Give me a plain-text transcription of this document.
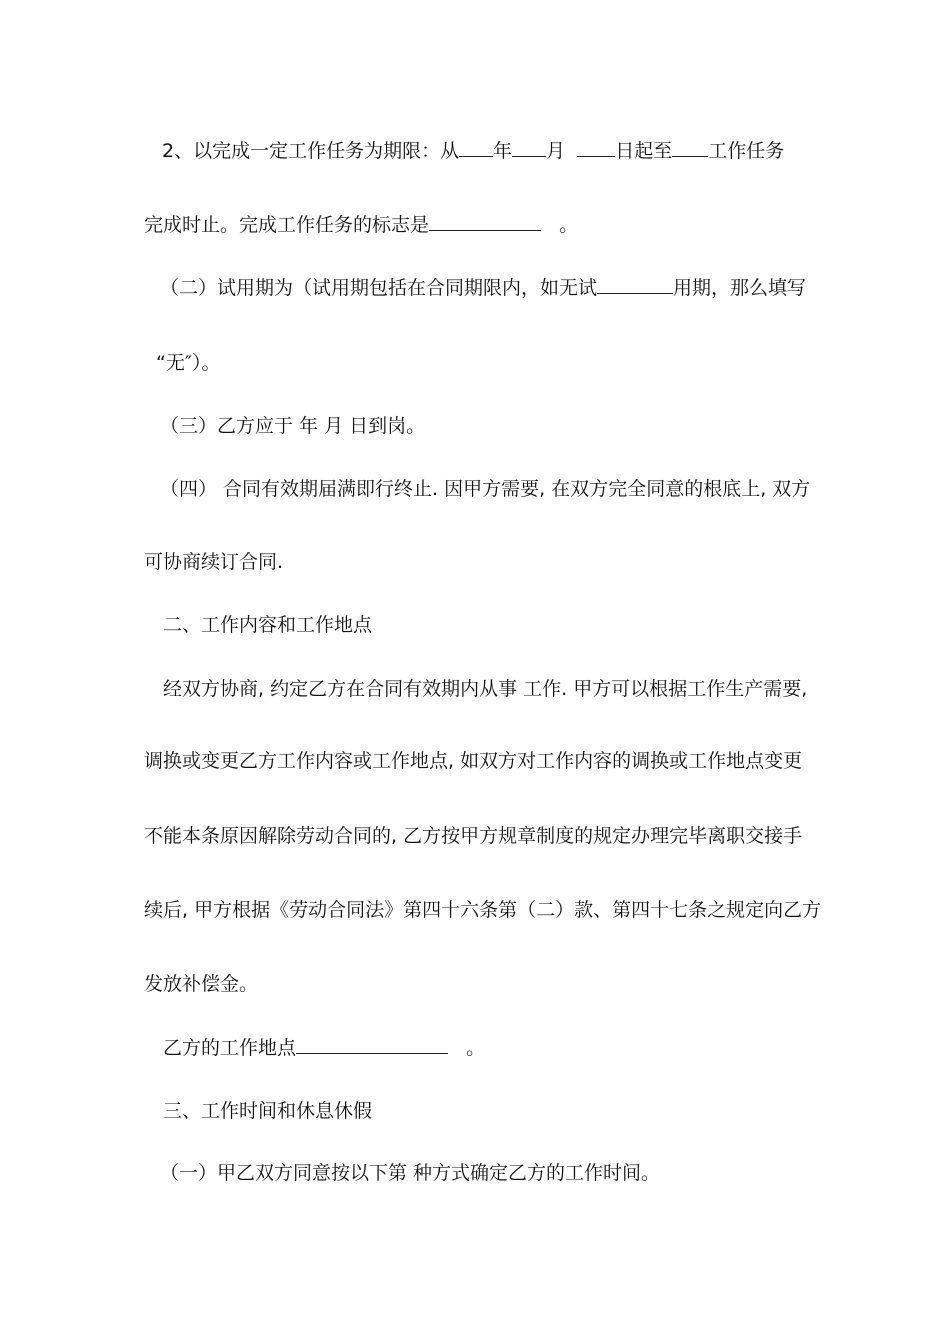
2、以完成一定工作任务为期限：从 年 月	日起至 工作任务
完成时止。完成工作任务的标志是	。
（二）试用期为（试用期包括在合同期限内，如无试	用期，那么填写
“无″）。
（三）乙方应于 年 月 日到岗。
（四） 合同有效期届满即行终止. 因甲方需要, 在双方完全同意的根底上, 双方
可协商续订合同.
二、工作内容和工作地点
经双方协商, 约定乙方在合同有效期内从事 工作. 甲方可以根据工作生产需要,
调换或变更乙方工作内容或工作地点, 如双方对工作内容的调换或工作地点变更
不能本条原因解除劳动合同的, 乙方按甲方规章制度的规定办理完毕离职交接手
续后, 甲方根据《劳动合同法》第四十六条第（二）款、第四十七条之规定向乙方
发放补偿金。
乙方的工作地点	。
三、工作时间和休息休假
（一）甲乙双方同意按以下第 种方式确定乙方的工作时间。
